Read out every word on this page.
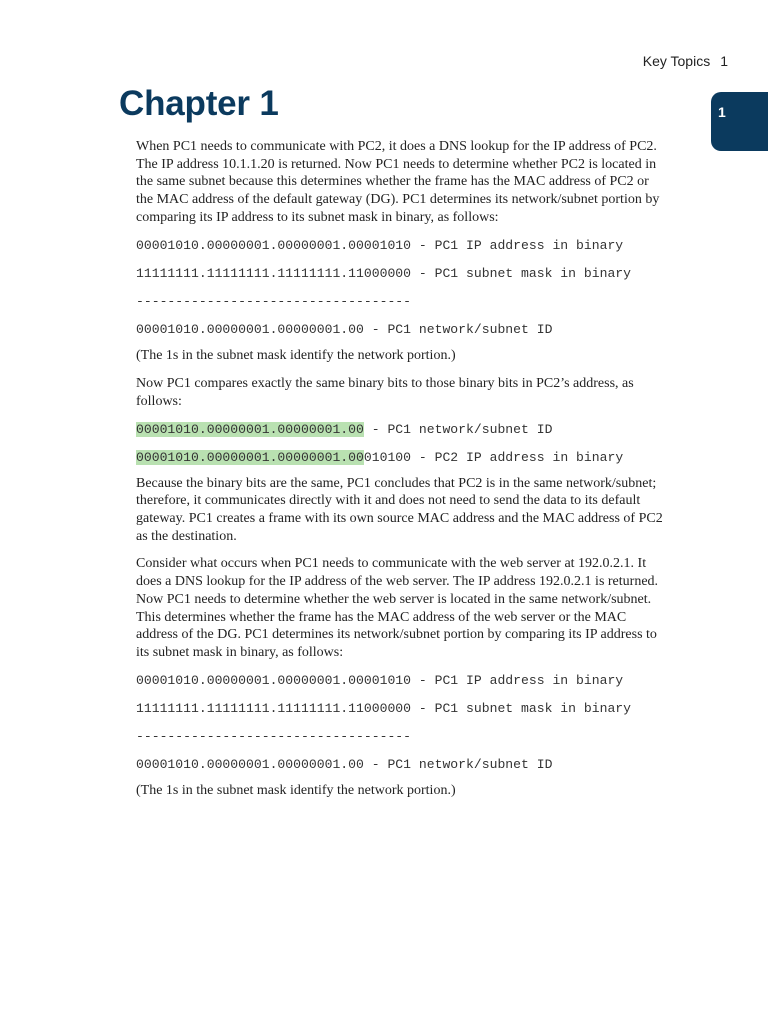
Key Topics 1
Chapter 1	1

When PC1 needs to communicate with PC2, it does a DNS lookup for the IP address of PC2. The IP address 10.1.1.20 is returned. Now PC1 needs to determine whether PC2 is located in the same subnet because this determines whether the frame has the MAC address of PC2 or the MAC address of the default gateway (DG). PC1 determines its network/subnet portion by comparing its IP address to its subnet mask in binary, as follows:

00001010.00000001.00000001.00001010 - PC1 IP address in binary
11111111.11111111.11111111.11000000 - PC1 subnet mask in binary
-----------------------------------
00001010.00000001.00000001.00 - PC1 network/subnet ID

(The 1s in the subnet mask identify the network portion.)

Now PC1 compares exactly the same binary bits to those binary bits in PC2’s address, as follows:

00001010.00000001.00000001.00 - PC1 network/subnet ID
00001010.00000001.00000001.00010100 - PC2 IP address in binary

Because the binary bits are the same, PC1 concludes that PC2 is in the same network/subnet; therefore, it communicates directly with it and does not need to send the data to its default gateway. PC1 creates a frame with its own source MAC address and the MAC address of PC2 as the destination.

Consider what occurs when PC1 needs to communicate with the web server at 192.0.2.1. It does a DNS lookup for the IP address of the web server. The IP address 192.0.2.1 is returned. Now PC1 needs to determine whether the web server is located in the same network/subnet. This determines whether the frame has the MAC address of the web server or the MAC address of the DG. PC1 determines its network/subnet portion by comparing its IP address to its subnet mask in binary, as follows:

00001010.00000001.00000001.00001010 - PC1 IP address in binary
11111111.11111111.11111111.11000000 - PC1 subnet mask in binary
-----------------------------------
00001010.00000001.00000001.00 - PC1 network/subnet ID

(The 1s in the subnet mask identify the network portion.)
